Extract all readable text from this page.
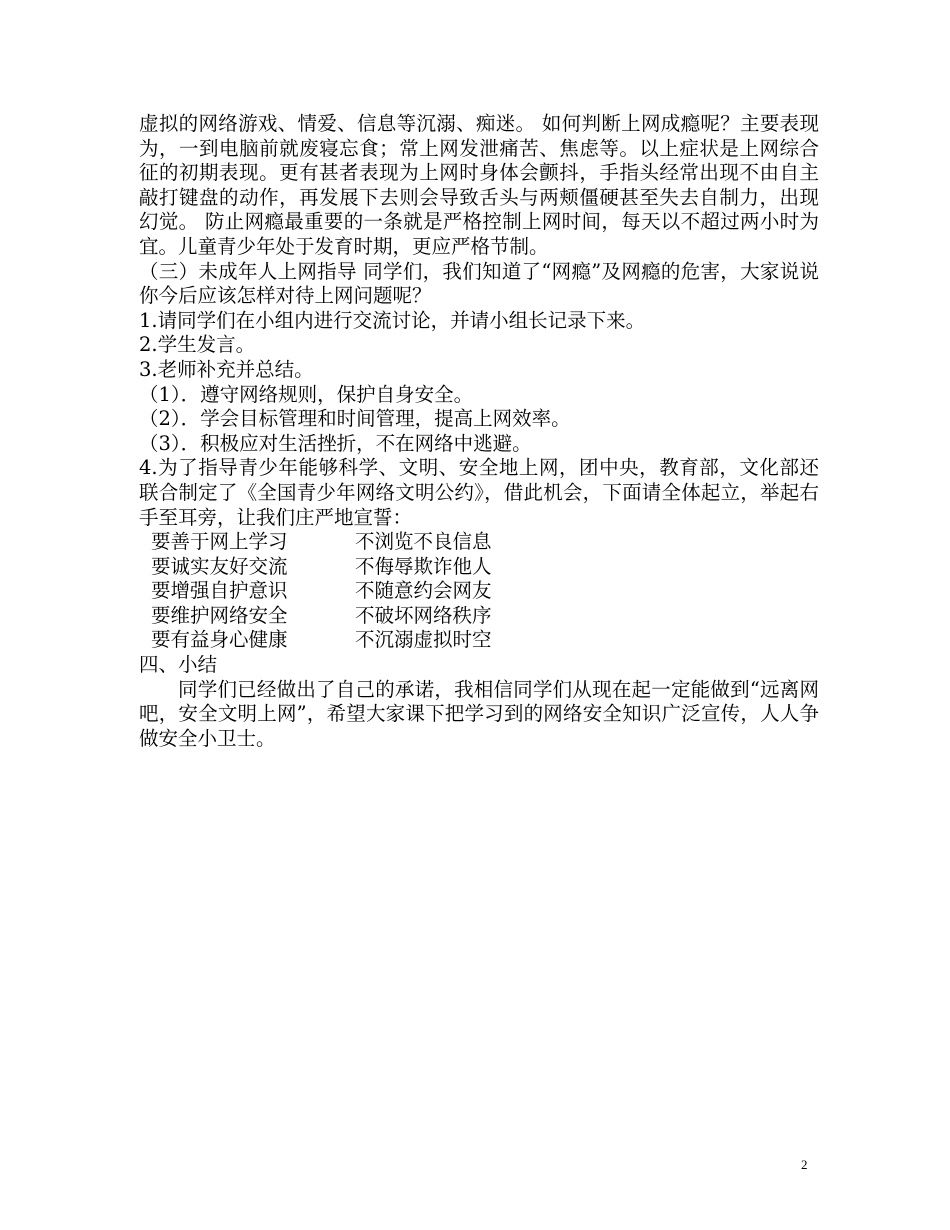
虚拟的网络游戏、情爱、信息等沉溺、痴迷。 如何判断上网成瘾呢？主要表现为，一到电脑前就废寝忘食；常上网发泄痛苦、焦虑等。以上症状是上网综合征的初期表现。更有甚者表现为上网时身体会颤抖，手指头经常出现不由自主敲打键盘的动作，再发展下去则会导致舌头与两颊僵硬甚至失去自制力，出现幻觉。 防止网瘾最重要的一条就是严格控制上网时间，每天以不超过两小时为宜。儿童青少年处于发育时期，更应严格节制。

（三）未成年人上网指导 同学们，我们知道了“网瘾”及网瘾的危害，大家说说你今后应该怎样对待上网问题呢？

1.请同学们在小组内进行交流讨论，并请小组长记录下来。
2.学生发言。
3.老师补充并总结。
（1）．遵守网络规则，保护自身安全。
（2）．学会目标管理和时间管理，提高上网效率。
（3）．积极应对生活挫折，不在网络中逃避。

4.为了指导青少年能够科学、文明、安全地上网，团中央，教育部，文化部还联合制定了《全国青少年网络文明公约》，借此机会，下面请全体起立，举起右手至耳旁，让我们庄严地宣誓：

要善于网上学习	不浏览不良信息
要诚实友好交流	不侮辱欺诈他人
要增强自护意识	不随意约会网友
要维护网络安全	不破坏网络秩序
要有益身心健康	不沉溺虚拟时空
四、小结

同学们已经做出了自己的承诺，我相信同学们从现在起一定能做到“远离网吧，安全文明上网”，希望大家课下把学习到的网络安全知识广泛宣传，人人争做安全小卫士。

2
